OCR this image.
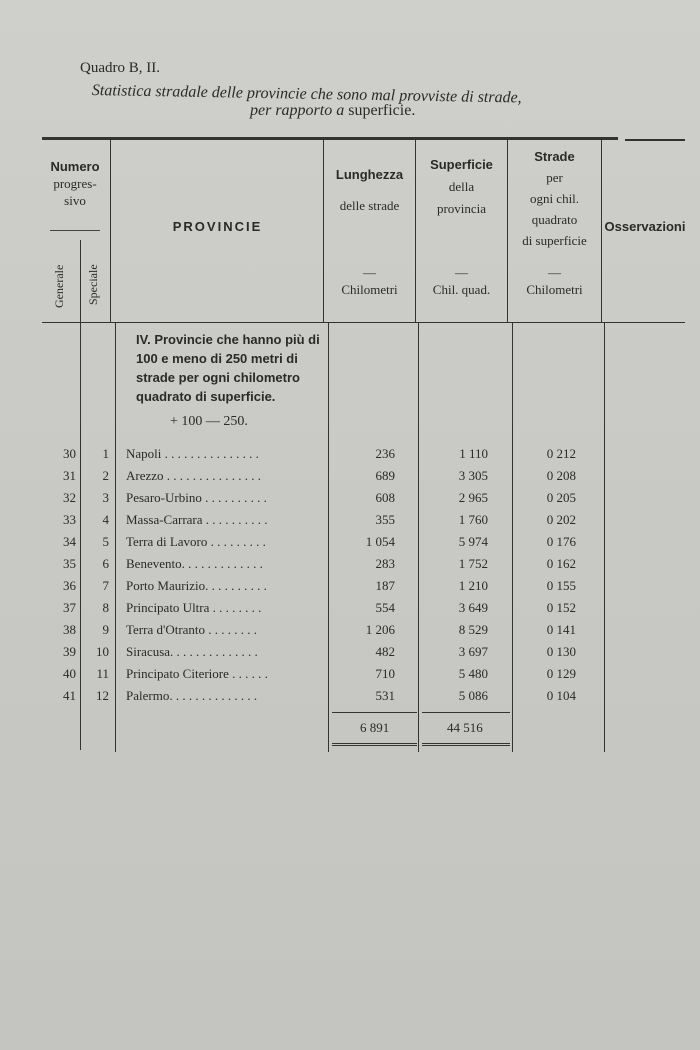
Quadro B, II.
Statistica stradale delle provincie che sono mal provviste di strade,
per rapporto a superficie.
Numero
progres-
sivo
Generale Speciale
PROVINCIE
Lunghezza
delle strade
—
Chilometri
Superficie
della
provincia
—
Chil. quad.
Strade
per
ogni chil.
quadrato
di superficie
—
Chilometri
Osservazioni
IV. Provincie che hanno più di 100 e meno di 250 metri di strade per ogni chilometro quadrato di superficie.
+ 100 — 250.
30	1 Napoli . . . . . . . . . . . . . . .	236	1 110	0 212
31	2 Arezzo . . . . . . . . . . . . . . .	689	3 305	0 208
32	3 Pesaro-Urbino . . . . . . . . . .	608	2 965	0 205
33	4 Massa-Carrara . . . . . . . . . .	355	1 760	0 202
34	5 Terra di Lavoro . . . . . . . . .	1 054	5 974	0 176
35	6 Benevento. . . . . . . . . . . . .	283	1 752	0 162
36	7 Porto Maurizio. . . . . . . . . .	187	1 210	0 155
37	8 Principato Ultra . . . . . . . .	554	3 649	0 152
38	9 Terra d'Otranto . . . . . . . .	1 206	8 529	0 141
39 10 Siracusa. . . . . . . . . . . . . .	482	3 697	0 130
40 11 Principato Citeriore . . . . . .	710	5 480	0 129
41 12 Palermo. . . . . . . . . . . . . .	531	5 086	0 104
6 891	44 516
